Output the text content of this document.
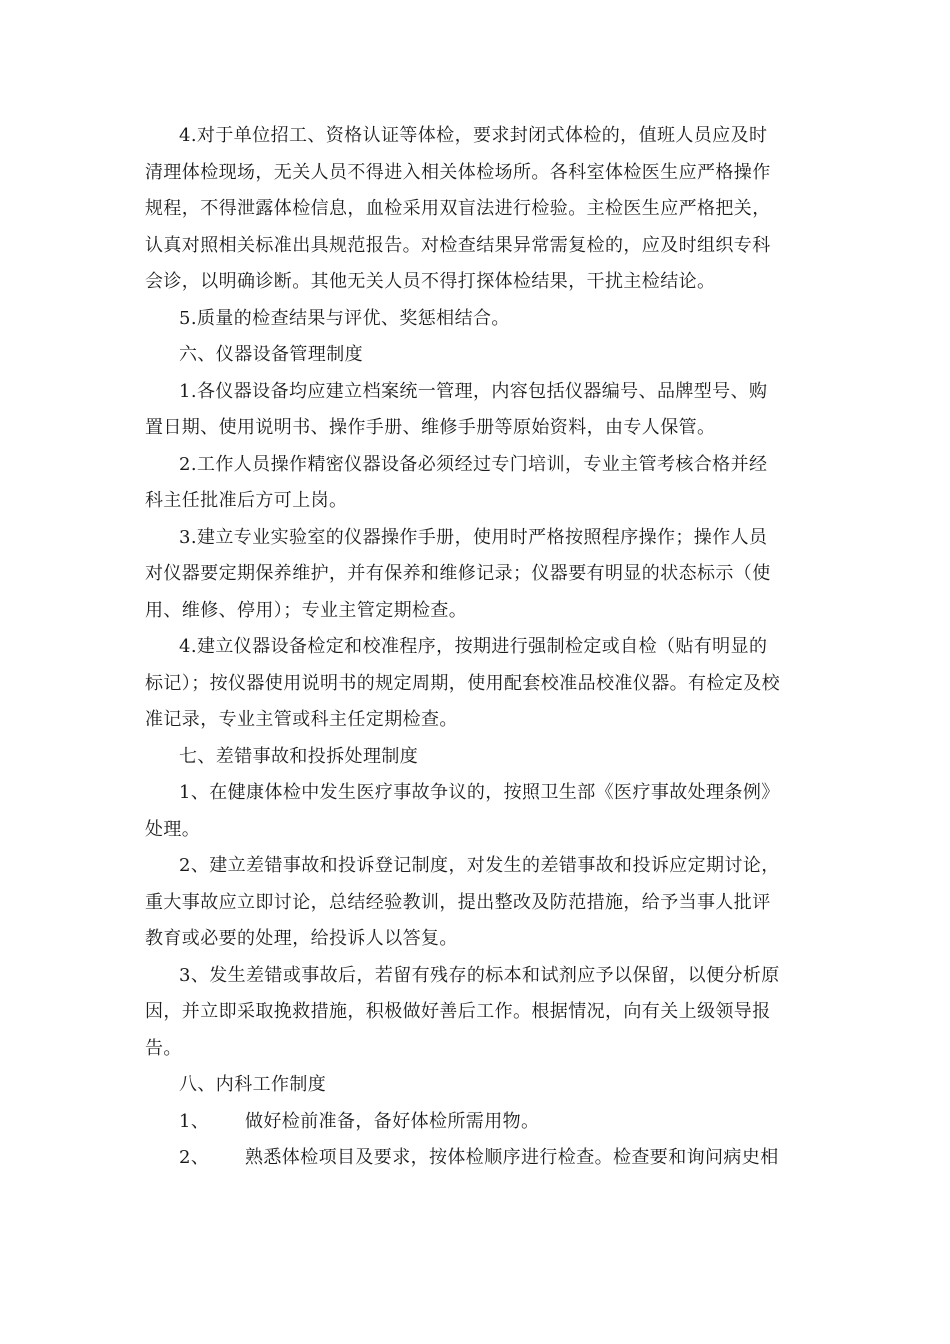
4.对于单位招工、资格认证等体检，要求封闭式体检的，值班人员应及时
清理体检现场，无关人员不得进入相关体检场所。各科室体检医生应严格操作
规程，不得泄露体检信息，血检采用双盲法进行检验。主检医生应严格把关，
认真对照相关标准出具规范报告。对检查结果异常需复检的，应及时组织专科
会诊，以明确诊断。其他无关人员不得打探体检结果，干扰主检结论。
5.质量的检查结果与评优、奖惩相结合。
六、仪器设备管理制度
1.各仪器设备均应建立档案统一管理，内容包括仪器编号、品牌型号、购
置日期、使用说明书、操作手册、维修手册等原始资料，由专人保管。
2.工作人员操作精密仪器设备必须经过专门培训，专业主管考核合格并经
科主任批准后方可上岗。
3.建立专业实验室的仪器操作手册，使用时严格按照程序操作；操作人员
对仪器要定期保养维护，并有保养和维修记录；仪器要有明显的状态标示（使
用、维修、停用）；专业主管定期检查。
4.建立仪器设备检定和校准程序，按期进行强制检定或自检（贴有明显的
标记）；按仪器使用说明书的规定周期，使用配套校准品校准仪器。有检定及校
准记录，专业主管或科主任定期检查。
七、差错事故和投拆处理制度
1、在健康体检中发生医疗事故争议的，按照卫生部《医疗事故处理条例》
处理。
2、建立差错事故和投诉登记制度，对发生的差错事故和投诉应定期讨论，
重大事故应立即讨论，总结经验教训，提出整改及防范措施，给予当事人批评
教育或必要的处理，给投诉人以答复。
3、发生差错或事故后，若留有残存的标本和试剂应予以保留，以便分析原
因，并立即采取挽救措施，积极做好善后工作。根据情况，向有关上级领导报
告。
八、内科工作制度
1、 做好检前准备，备好体检所需用物。
2、 熟悉体检项目及要求，按体检顺序进行检查。检查要和询问病史相
